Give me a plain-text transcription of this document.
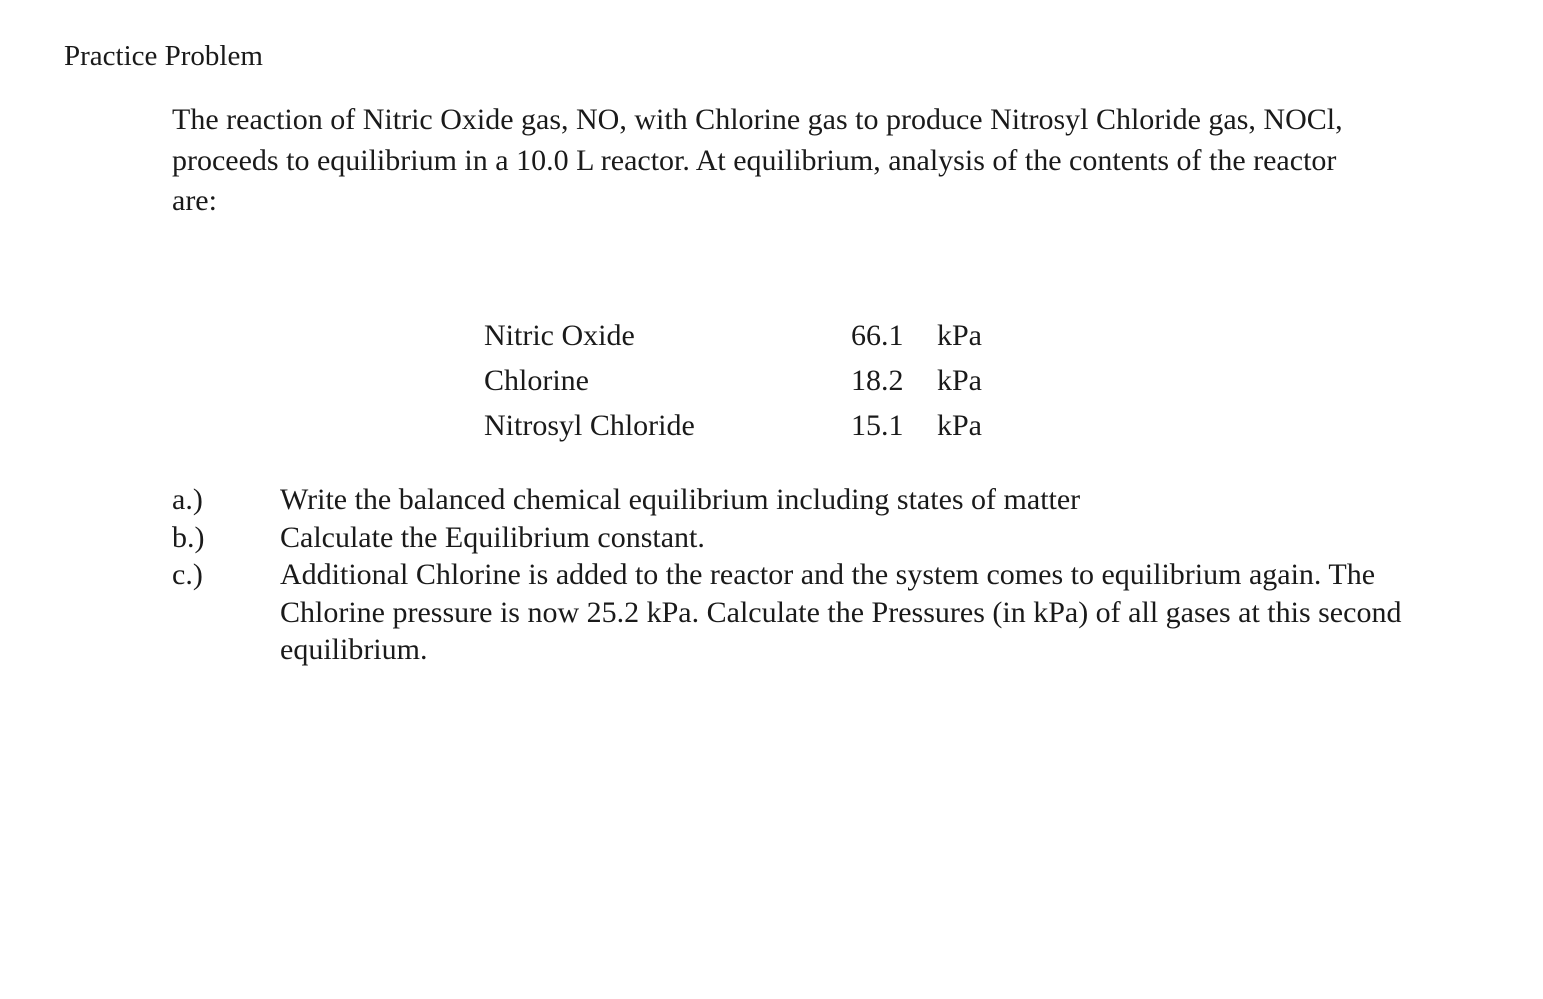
Practice Problem
The reaction of Nitric Oxide gas, NO, with Chlorine gas to produce Nitrosyl Chloride gas, NOCl,
proceeds to equilibrium in a 10.0 L reactor. At equilibrium, analysis of the contents of the reactor
are:
Nitric Oxide	66.1 kPa
Chlorine	18.2 kPa
Nitrosyl Chloride	15.1 kPa
a.)	Write the balanced chemical equilibrium including states of matter
b.)	Calculate the Equilibrium constant.
c.)	Additional Chlorine is added to the reactor and the system comes to equilibrium again. The
Chlorine pressure is now 25.2 kPa. Calculate the Pressures (in kPa) of all gases at this second
equilibrium.
